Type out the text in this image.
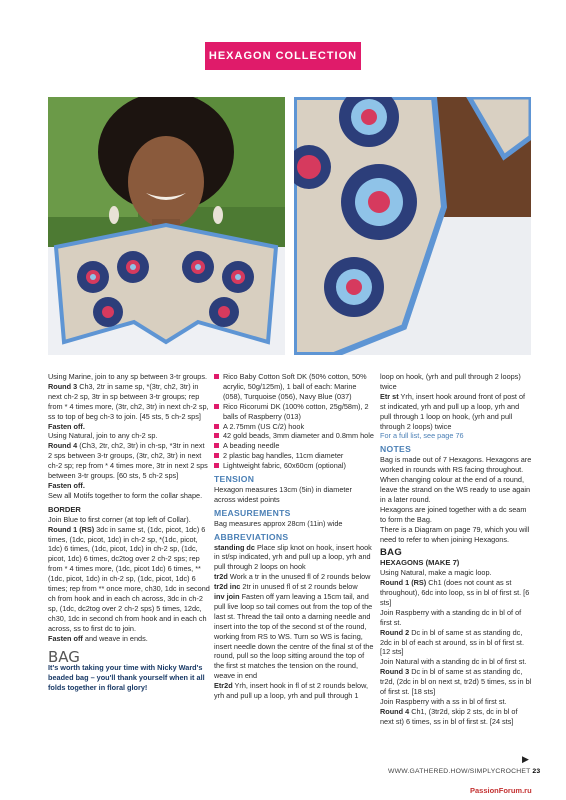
HEXAGON COLLECTION

Using Marine, join to any sp between 3-tr groups.

Round 3 Ch3, 2tr in same sp, *(3tr, ch2, 3tr) in next ch-2 sp, 3tr in sp between 3-tr groups; rep from * 4 times more, (3tr, ch2, 3tr) in next ch-2 sp, ss to top of beg ch-3 to join. [45 sts, 5 ch-2 sps]

Fasten off.

Using Natural, join to any ch-2 sp.

Round 4 (Ch3, 2tr, ch2, 3tr) in ch-sp, *3tr in next 2 sps between 3-tr groups, (3tr, ch2, 3tr) in next ch-2 sp; rep from * 4 times more, 3tr in next 2 sps between 3-tr groups. [60 sts, 5 ch-2 sps]

Fasten off.

Sew all Motifs together to form the collar shape.

BORDER

Join Blue to first corner (at top left of Collar).

Round 1 (RS) 3dc in same st, (1dc, picot, 1dc) 6 times, (1dc, picot, 1dc) in ch-2 sp, *(1dc, picot, 1dc) 6 times, (1dc, picot, 1dc) in ch-2 sp, (1dc, picot, 1dc) 6 times, dc2tog over 2 ch-2 sps; rep from * 4 times more, (1dc, picot 1dc) 6 times, **(1dc, picot, 1dc) in ch-2 sp, (1dc, picot, 1dc) 6 times; rep from ** once more, ch30, 1dc in second ch from hook and in each ch across, 3dc in ch-2 sp, (1dc, dc2tog over 2 ch-2 sps) 5 times, 12dc, ch30, 1dc in second ch from hook and in each ch across, ss to first dc to join.

Fasten off and weave in ends.

BAG

It's worth taking your time with Nicky Ward's beaded bag – you'll thank yourself when it all folds together in floral glory!

Rico Baby Cotton Soft DK (50% cotton, 50% acrylic, 50g/125m), 1 ball of each: Marine (058), Turquoise (056), Navy Blue (037)

Rico Ricorumi DK (100% cotton, 25g/58m), 2 balls of Raspberry (013)

A 2.75mm (US C/2) hook

42 gold beads, 3mm diameter and 0.8mm hole

A beading needle

2 plastic bag handles, 11cm diameter

Lightweight fabric, 60x60cm (optional)

TENSION

Hexagon measures 13cm (5in) in diameter across widest points

MEASUREMENTS

Bag measures approx 28cm (11in) wide

ABBREVIATIONS

standing dc Place slip knot on hook, insert hook in st/sp indicated, yrh and pull up a loop, yrh and pull through 2 loops on hook

tr2d Work a tr in the unused fl of 2 rounds below

tr2d inc 2tr in unused fl of st 2 rounds below

inv join Fasten off yarn leaving a 15cm tail, and pull live loop so tail comes out from the top of the last st. Thread the tail onto a darning needle and insert into the top of the second st of the round, working from RS to WS. Turn so WS is facing, insert needle down the centre of the final st of the round, pull so the loop sitting around the top of the first st matches the tension on the round, weave in end

Etr2d Yrh, insert hook in fl of st 2 rounds below, yrh and pull up a loop, yrh and pull through 1

loop on hook, (yrh and pull through 2 loops) twice

Etr st Yrh, insert hook around front of post of st indicated, yrh and pull up a loop, yrh and pull through 1 loop on hook, (yrh and pull through 2 loops) twice

For a full list, see page 76

NOTES

Bag is made out of 7 Hexagons. Hexagons are worked in rounds with RS facing throughout. When changing colour at the end of a round, leave the strand on the WS ready to use again in a later round.

Hexagons are joined together with a dc seam to form the Bag.

There is a Diagram on page 79, which you will need to refer to when joining Hexagons.

BAG

HEXAGONS (MAKE 7)

Using Natural, make a magic loop.

Round 1 (RS) Ch1 (does not count as st throughout), 6dc into loop, ss in bl of first st. [6 sts]

Join Raspberry with a standing dc in bl of of first st.

Round 2 Dc in bl of same st as standing dc, 2dc in bl of each st around, ss in bl of first st. [12 sts]

Join Natural with a standing dc in bl of first st.

Round 3 Dc in bl of same st as standing dc, tr2d, (2dc in bl on next st, tr2d) 5 times, ss in bl of first st. [18 sts]

Join Raspberry with a ss in bl of first st.

Round 4 Ch1, (3tr2d, skip 2 sts, dc in bl of next st) 6 times, ss in bl of first st. [24 sts]

▶
WWW.GATHERED.HOW/SIMPLYCROCHET 23
PassionForum.ru
